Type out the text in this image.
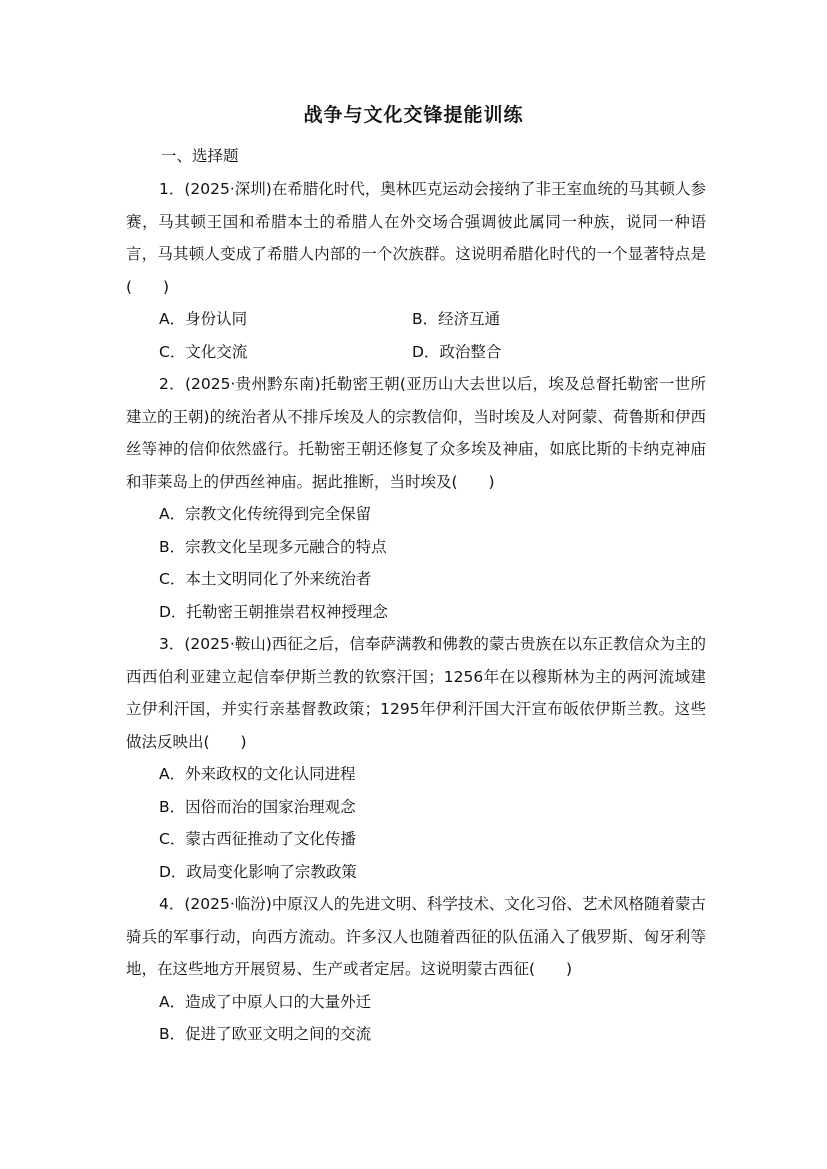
战争与文化交锋提能训练
一、选择题

1．(2025·深圳)在希腊化时代，奥林匹克运动会接纳了非王室血统的马其顿人参赛，马其顿王国和希腊本土的希腊人在外交场合强调彼此属同一种族，说同一种语言，马其顿人变成了希腊人内部的一个次族群。这说明希腊化时代的一个显著特点是(　　)

A．身份认同	B．经济互通
C．文化交流	D．政治整合

2．(2025·贵州黔东南)托勒密王朝(亚历山大去世以后，埃及总督托勒密一世所建立的王朝)的统治者从不排斥埃及人的宗教信仰，当时埃及人对阿蒙、荷鲁斯和伊西丝等神的信仰依然盛行。托勒密王朝还修复了众多埃及神庙，如底比斯的卡纳克神庙和菲莱岛上的伊西丝神庙。据此推断，当时埃及(　　)

A．宗教文化传统得到完全保留
B．宗教文化呈现多元融合的特点
C．本土文明同化了外来统治者
D．托勒密王朝推崇君权神授理念

3．(2025·鞍山)西征之后，信奉萨满教和佛教的蒙古贵族在以东正教信众为主的西西伯利亚建立起信奉伊斯兰教的钦察汗国；1256年在以穆斯林为主的两河流域建立伊利汗国，并实行亲基督教政策；1295年伊利汗国大汗宣布皈依伊斯兰教。这些做法反映出(　　)

A．外来政权的文化认同进程
B．因俗而治的国家治理观念
C．蒙古西征推动了文化传播
D．政局变化影响了宗教政策

4．(2025·临汾)中原汉人的先进文明、科学技术、文化习俗、艺术风格随着蒙古骑兵的军事行动，向西方流动。许多汉人也随着西征的队伍涌入了俄罗斯、匈牙利等地，在这些地方开展贸易、生产或者定居。这说明蒙古西征(　　)

A．造成了中原人口的大量外迁
B．促进了欧亚文明之间的交流
